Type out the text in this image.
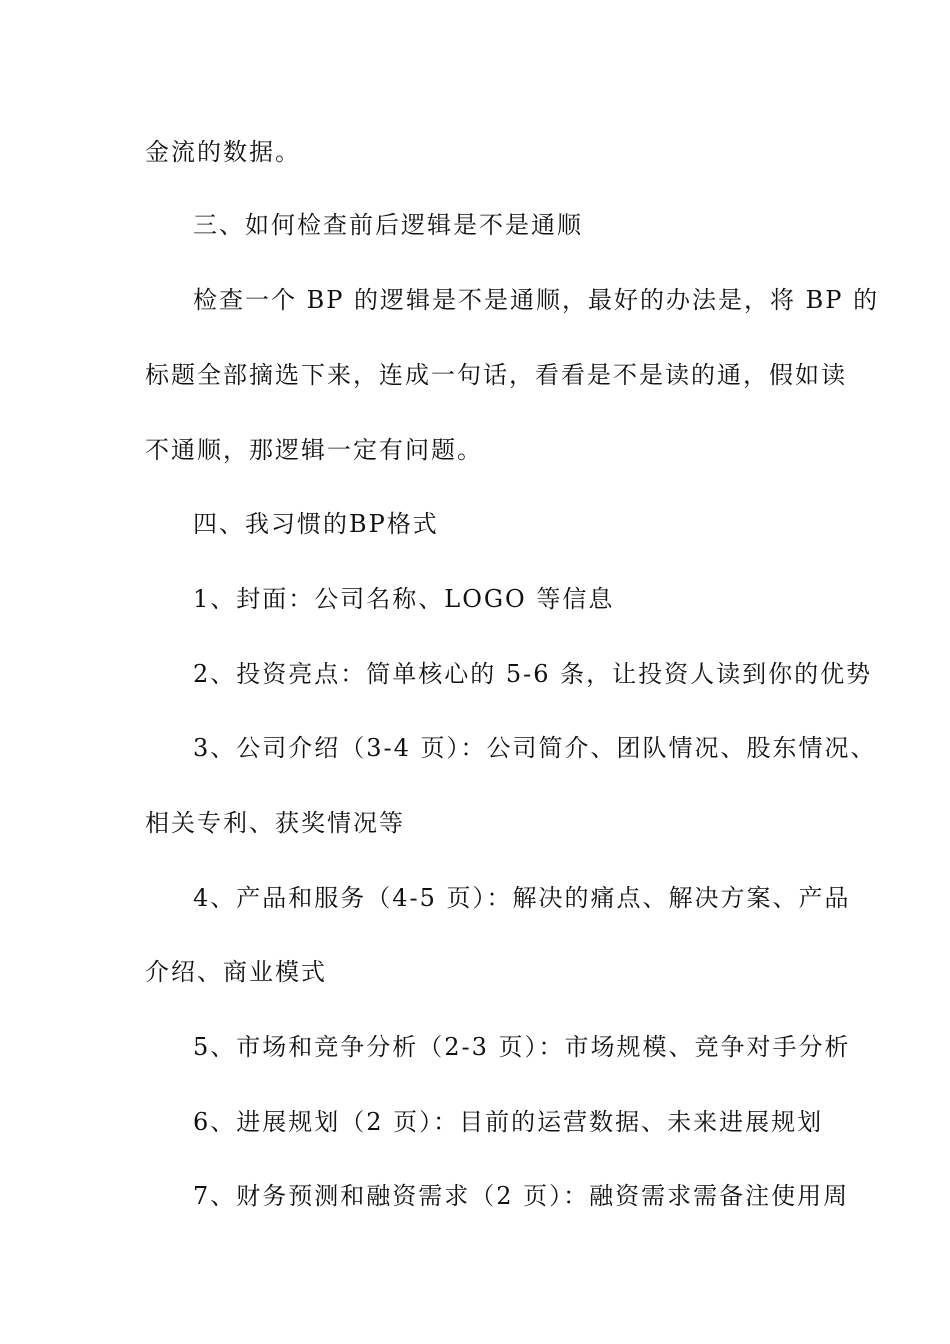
金流的数据。
三、如何检查前后逻辑是不是通顺
检查一个 BP 的逻辑是不是通顺，最好的办法是，将 BP 的
标题全部摘选下来，连成一句话，看看是不是读的通，假如读
不通顺，那逻辑一定有问题。
四、我习惯的BP格式
1、封面：公司名称、LOGO 等信息
2、投资亮点：简单核心的 5-6 条，让投资人读到你的优势
3、公司介绍（3-4 页）：公司简介、团队情况、股东情况、
相关专利、获奖情况等
4、产品和服务（4-5 页）：解决的痛点、解决方案、产品
介绍、商业模式
5、市场和竞争分析（2-3 页）：市场规模、竞争对手分析
6、进展规划（2 页）：目前的运营数据、未来进展规划
7、财务预测和融资需求（2 页）：融资需求需备注使用周
